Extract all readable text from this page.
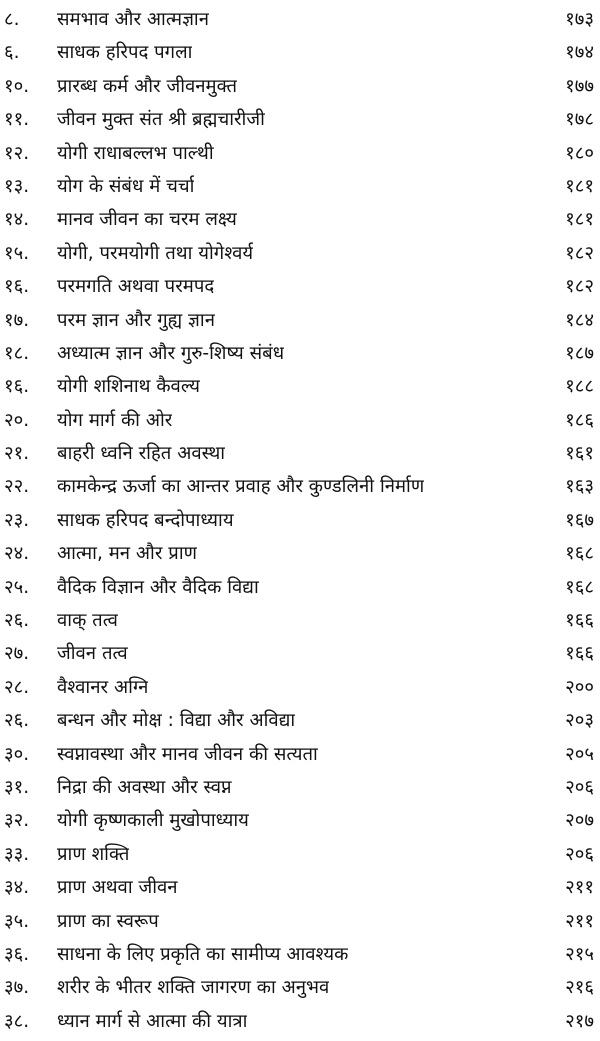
८.	समभाव और आत्मज्ञान	१७३
६.	साधक हरिपद पगला	१७४
१०.	प्रारब्ध कर्म और जीवनमुक्त	१७७
११.	जीवन मुक्त संत श्री ब्रह्मचारीजी	१७८
१२.	योगी राधाबल्लभ पाल्थी	१८०
१३.	योग के संबंध में चर्चा	१८१
१४.	मानव जीवन का चरम लक्ष्य	१८१
१५.	योगी, परमयोगी तथा योगेश्वर्य	१८२
१६.	परमगति अथवा परमपद	१८२
१७.	परम ज्ञान और गुह्य ज्ञान	१८४
१८.	अध्यात्म ज्ञान और गुरु-शिष्य संबंध	१८७
१६.	योगी शशिनाथ कैवल्य	१८८
२०.	योग मार्ग की ओर	१८६
२१.	बाहरी ध्वनि रहित अवस्था	१६१
२२.	कामकेन्द्र ऊर्जा का आन्तर प्रवाह और कुण्डलिनी निर्माण	१६३
२३.	साधक हरिपद बन्दोपाध्याय	१६७
२४.	आत्मा, मन और प्राण	१६८
२५.	वैदिक विज्ञान और वैदिक विद्या	१६८
२६.	वाक् तत्व	१६६
२७.	जीवन तत्व	१६६
२८.	वैश्वानर अग्नि	२००
२६.	बन्धन और मोक्ष : विद्या और अविद्या	२०३
३०.	स्वप्नावस्था और मानव जीवन की सत्यता	२०५
३१.	निद्रा की अवस्था और स्वप्न	२०६
३२.	योगी कृष्णकाली मुखोपाध्याय	२०७
३३.	प्राण शक्ति	२०६
३४.	प्राण अथवा जीवन	२११
३५.	प्राण का स्वरूप	२११
३६.	साधना के लिए प्रकृति का सामीप्य आवश्यक	२१५
३७.	शरीर के भीतर शक्ति जागरण का अनुभव	२१६
३८.	ध्यान मार्ग से आत्मा की यात्रा	२१७
